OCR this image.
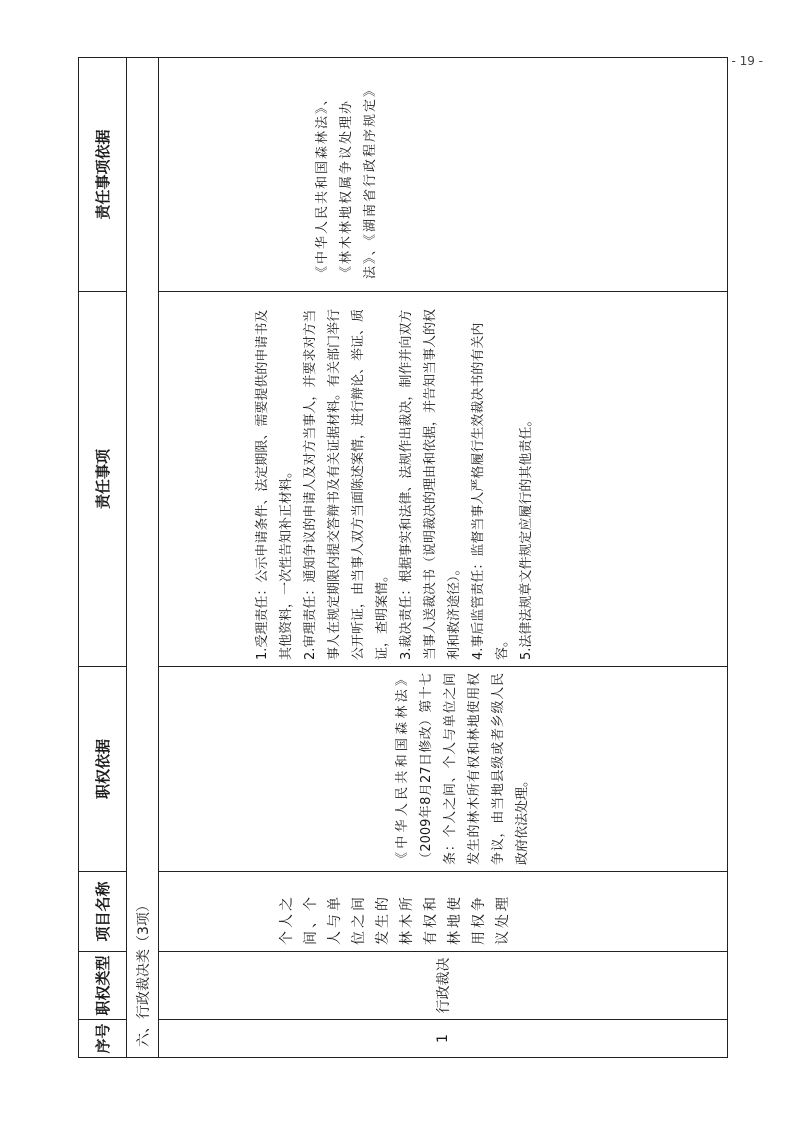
- 19 -
序号	职权类型	项目名称	职权依据	责任事项	责任事项依据
六、行政裁决类（3项）					
1	行政裁决	个人之间、个人与单位之间发生的林木所有权和林地使用权争议处理	《中华人民共和国森林法》（2009年8月27日修改）第十七条：个人之间、个人与单位之间发生的林木所有权和林地使用权争议，由当地县级或者乡级人民政府依法处理。	1.受理责任：公示申请条件、法定期限、需要提供的申请书及其他资料，一次性告知补正材料。 2.审理责任：通知争议的申请人及对方当事人，并要求对方当事人在规定期限内提交答辩书及有关证据材料。有关部门举行公开听证，由当事人双方当面陈述案情，进行辩论、举证、质证，查明案情。 3.裁决责任：根据事实和法律、法规作出裁决，制作并向双方当事人送裁决书（说明裁决的理由和依据，并告知当事人的权利和救济途径）。 4.事后监管责任：监督当事人严格履行生效裁决书的有关内容。 5.法律法规章文件规定应履行的其他责任。	《中华人民共和国森林法》、《林木林地权属争议处理办法》、《湖南省行政程序规定》
